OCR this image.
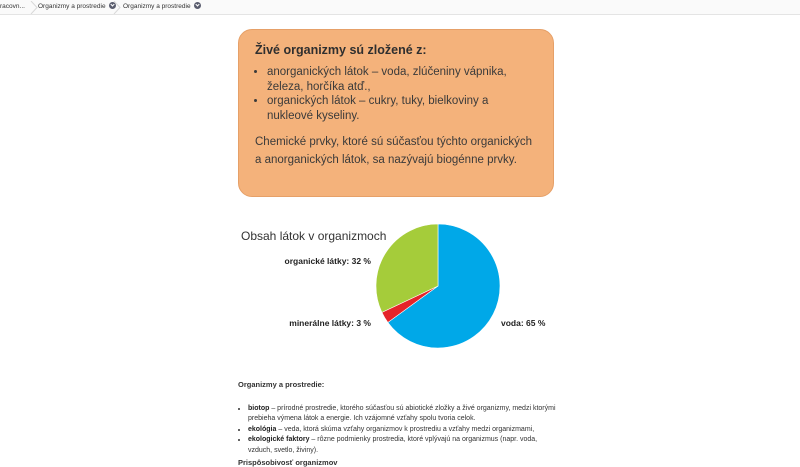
racovn... Organizmy a prostredie	Organizmy a prostredie
Živé organizmy sú zložené z:
• anorganických látok – voda, zlúčeniny vápnika, železa, horčíka atď.,
• organických látok – cukry, tuky, bielkoviny a nukleové kyseliny.

Chemické prvky, ktoré sú súčasťou týchto organických a anorganických látok, sa nazývajú biogénne prvky.

Obsah látok v organizmoch
organické látky: 32 %
minerálne látky: 3 %	voda: 65 %
Organizmy a prostredie:
• biotop – prírodné prostredie, ktorého súčasťou sú abiotické zložky a živé organizmy, medzi ktorými prebieha výmena látok a energie. Ich vzájomné vzťahy spolu tvoria celok.
• ekológia – veda, ktorá skúma vzťahy organizmov k prostrediu a vzťahy medzi organizmami,
• ekologické faktory – rôzne podmienky prostredia, ktoré vplývajú na organizmus (napr. voda, vzduch, svetlo, živiny).
Prispôsobivosť organizmov
